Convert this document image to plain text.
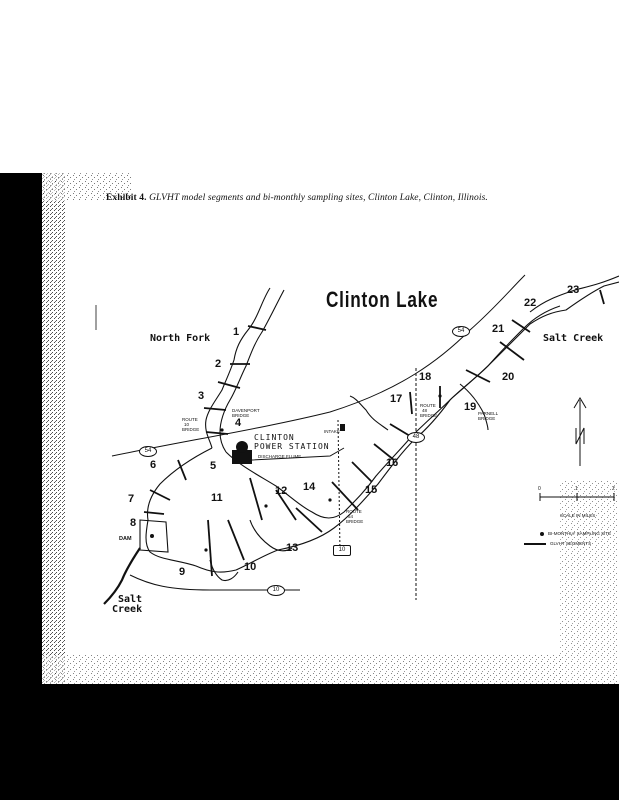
Exhibit 4. GLVHT model segments and bi-monthly sampling sites, Clinton Lake, Clinton, Illinois.
Clinton Lake
North Fork	Salt Creek
Salt
Creek
CLINTON
POWER STATION
DISCHARGE FLUME
DAM
DAVENPORT BRIDGE
ROUTE
10
BRIDGE
ROUTE
48
BRIDGE	PARNELL BRIDGE
ROUTE
54
BRIDGE
INTAKE
54
54
48
10
10
1
2
3
4
5
6
7
8
9	10
11
12
13
14	15
16
17
18
19
20
21
22
23
0	1	2
SCALE IN MILES
BI-MONTHLY SAMPLING SITE
GLVHT SEGMENTS
